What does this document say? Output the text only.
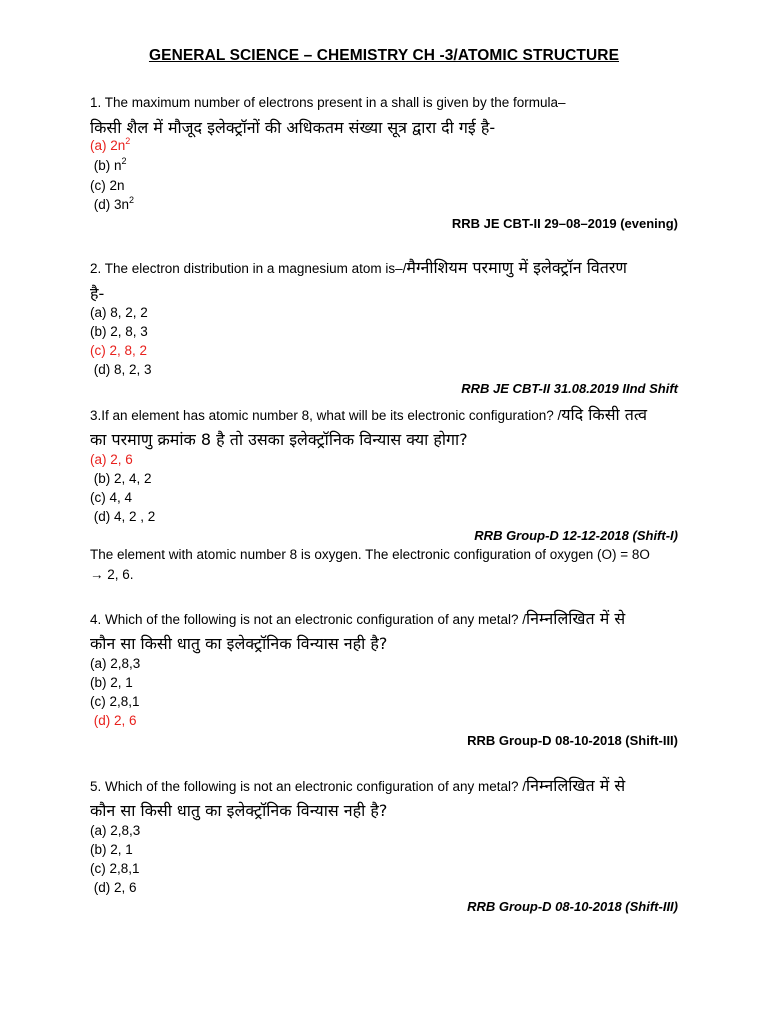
GENERAL SCIENCE – CHEMISTRY CH -3/ATOMIC STRUCTURE
1. The maximum number of electrons present in a shall is given by the formula–
किसी शैल में मौजूद इलेक्ट्रॉनों की अधिकतम संख्या सूत्र द्वारा दी गई है-
(a) $2n^2$
(b) $n^2$
(c) 2n
(d) $3n^2$
RRB JE CBT-II 29–08–2019 (evening)
2. The electron distribution in a magnesium atom is–/मैग्नीशियम परमाणु में इलेक्ट्रॉन वितरण
है-
(a) 8, 2, 2
(b) 2, 8, 3
(c) 2, 8, 2
(d) 8, 2, 3
RRB JE CBT-II 31.08.2019 IInd Shift
3.If an element has atomic number 8, what will be its electronic configuration? /यदि किसी तत्व
का परमाणु क्रमांक 8 है तो उसका इलेक्ट्रॉनिक विन्यास क्या होगा?
(a) 2, 6
(b) 2, 4, 2
(c) 4, 4
(d) 4, 2 , 2
RRB Group-D 12-12-2018 (Shift-I)
The element with atomic number 8 is oxygen. The electronic configuration of oxygen (O) = 8O
→ 2, 6.
4. Which of the following is not an electronic configuration of any metal? /निम्नलिखित में से
कौन सा किसी धातु का इलेक्ट्रॉनिक विन्यास नही है?
(a) 2,8,3
(b) 2, 1
(c) 2,8,1
(d) 2, 6
RRB Group-D 08-10-2018 (Shift-III)
5. Which of the following is not an electronic configuration of any metal? /निम्नलिखित में से
कौन सा किसी धातु का इलेक्ट्रॉनिक विन्यास नही है?
(a) 2,8,3
(b) 2, 1
(c) 2,8,1
(d) 2, 6
RRB Group-D 08-10-2018 (Shift-III)
